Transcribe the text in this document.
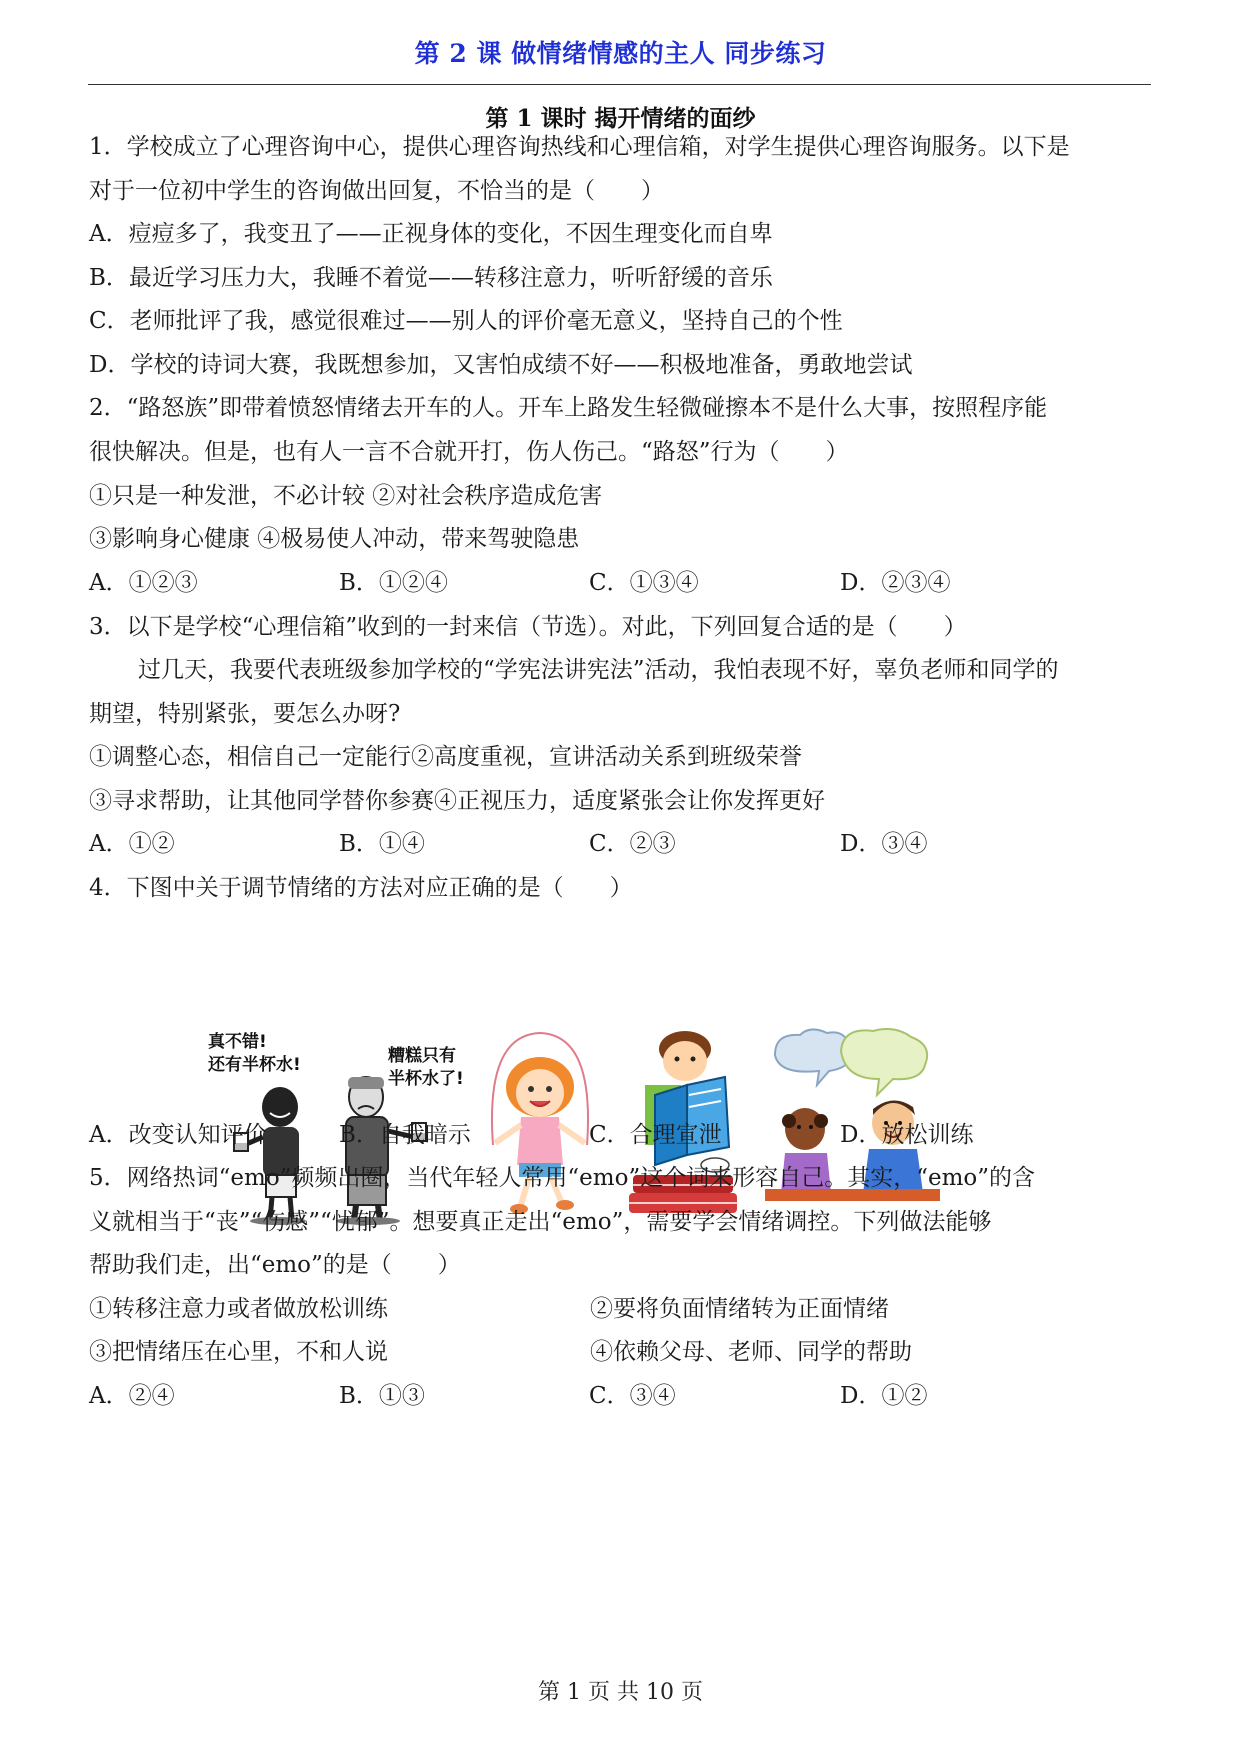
第 2 课 做情绪情感的主人 同步练习
第 1 课时 揭开情绪的面纱
1．学校成立了心理咨询中心，提供心理咨询热线和心理信箱，对学生提供心理咨询服务。以下是
对于一位初中学生的咨询做出回复，不恰当的是（　　）
A．痘痘多了，我变丑了——正视身体的变化，不因生理变化而自卑
B．最近学习压力大，我睡不着觉——转移注意力，听听舒缓的音乐
C．老师批评了我，感觉很难过——别人的评价毫无意义，坚持自己的个性
D．学校的诗词大赛，我既想参加，又害怕成绩不好——积极地准备，勇敢地尝试
2．“路怒族”即带着愤怒情绪去开车的人。开车上路发生轻微碰擦本不是什么大事，按照程序能
很快解决。但是，也有人一言不合就开打，伤人伤己。“路怒”行为（　　）
①只是一种发泄，不必计较 ②对社会秩序造成危害
③影响身心健康 ④极易使人冲动，带来驾驶隐患
A．①②③	B．①②④	C．①③④	D．②③④
3．以下是学校“心理信箱”收到的一封来信（节选）。对此，下列回复合适的是（　　）
过几天，我要代表班级参加学校的“学宪法讲宪法”活动，我怕表现不好，辜负老师和同学的
期望，特别紧张，要怎么办呀?
①调整心态，相信自己一定能行②高度重视，宣讲活动关系到班级荣誉
③寻求帮助，让其他同学替你参赛④正视压力，适度紧张会让你发挥更好
A．①②	B．①④	C．②③	D．③④
4．下图中关于调节情绪的方法对应正确的是（　　）
真不错!
还有半杯水!	糟糕只有
半杯水了!
A．改变认知评价	B．自我暗示	C．合理宣泄	D．放松训练
5．网络热词“emo”频频出圈，当代年轻人常用“emo”这个词来形容自己。其实，“emo”的含
义就相当于“丧”“伤感”“忧郁”。想要真正走出“emo”，需要学会情绪调控。下列做法能够
帮助我们走，出“emo”的是（　　）
①转移注意力或者做放松训练	②要将负面情绪转为正面情绪
③把情绪压在心里，不和人说	④依赖父母、老师、同学的帮助
A．②④	B．①③	C．③④	D．①②
第 1 页 共 10 页
